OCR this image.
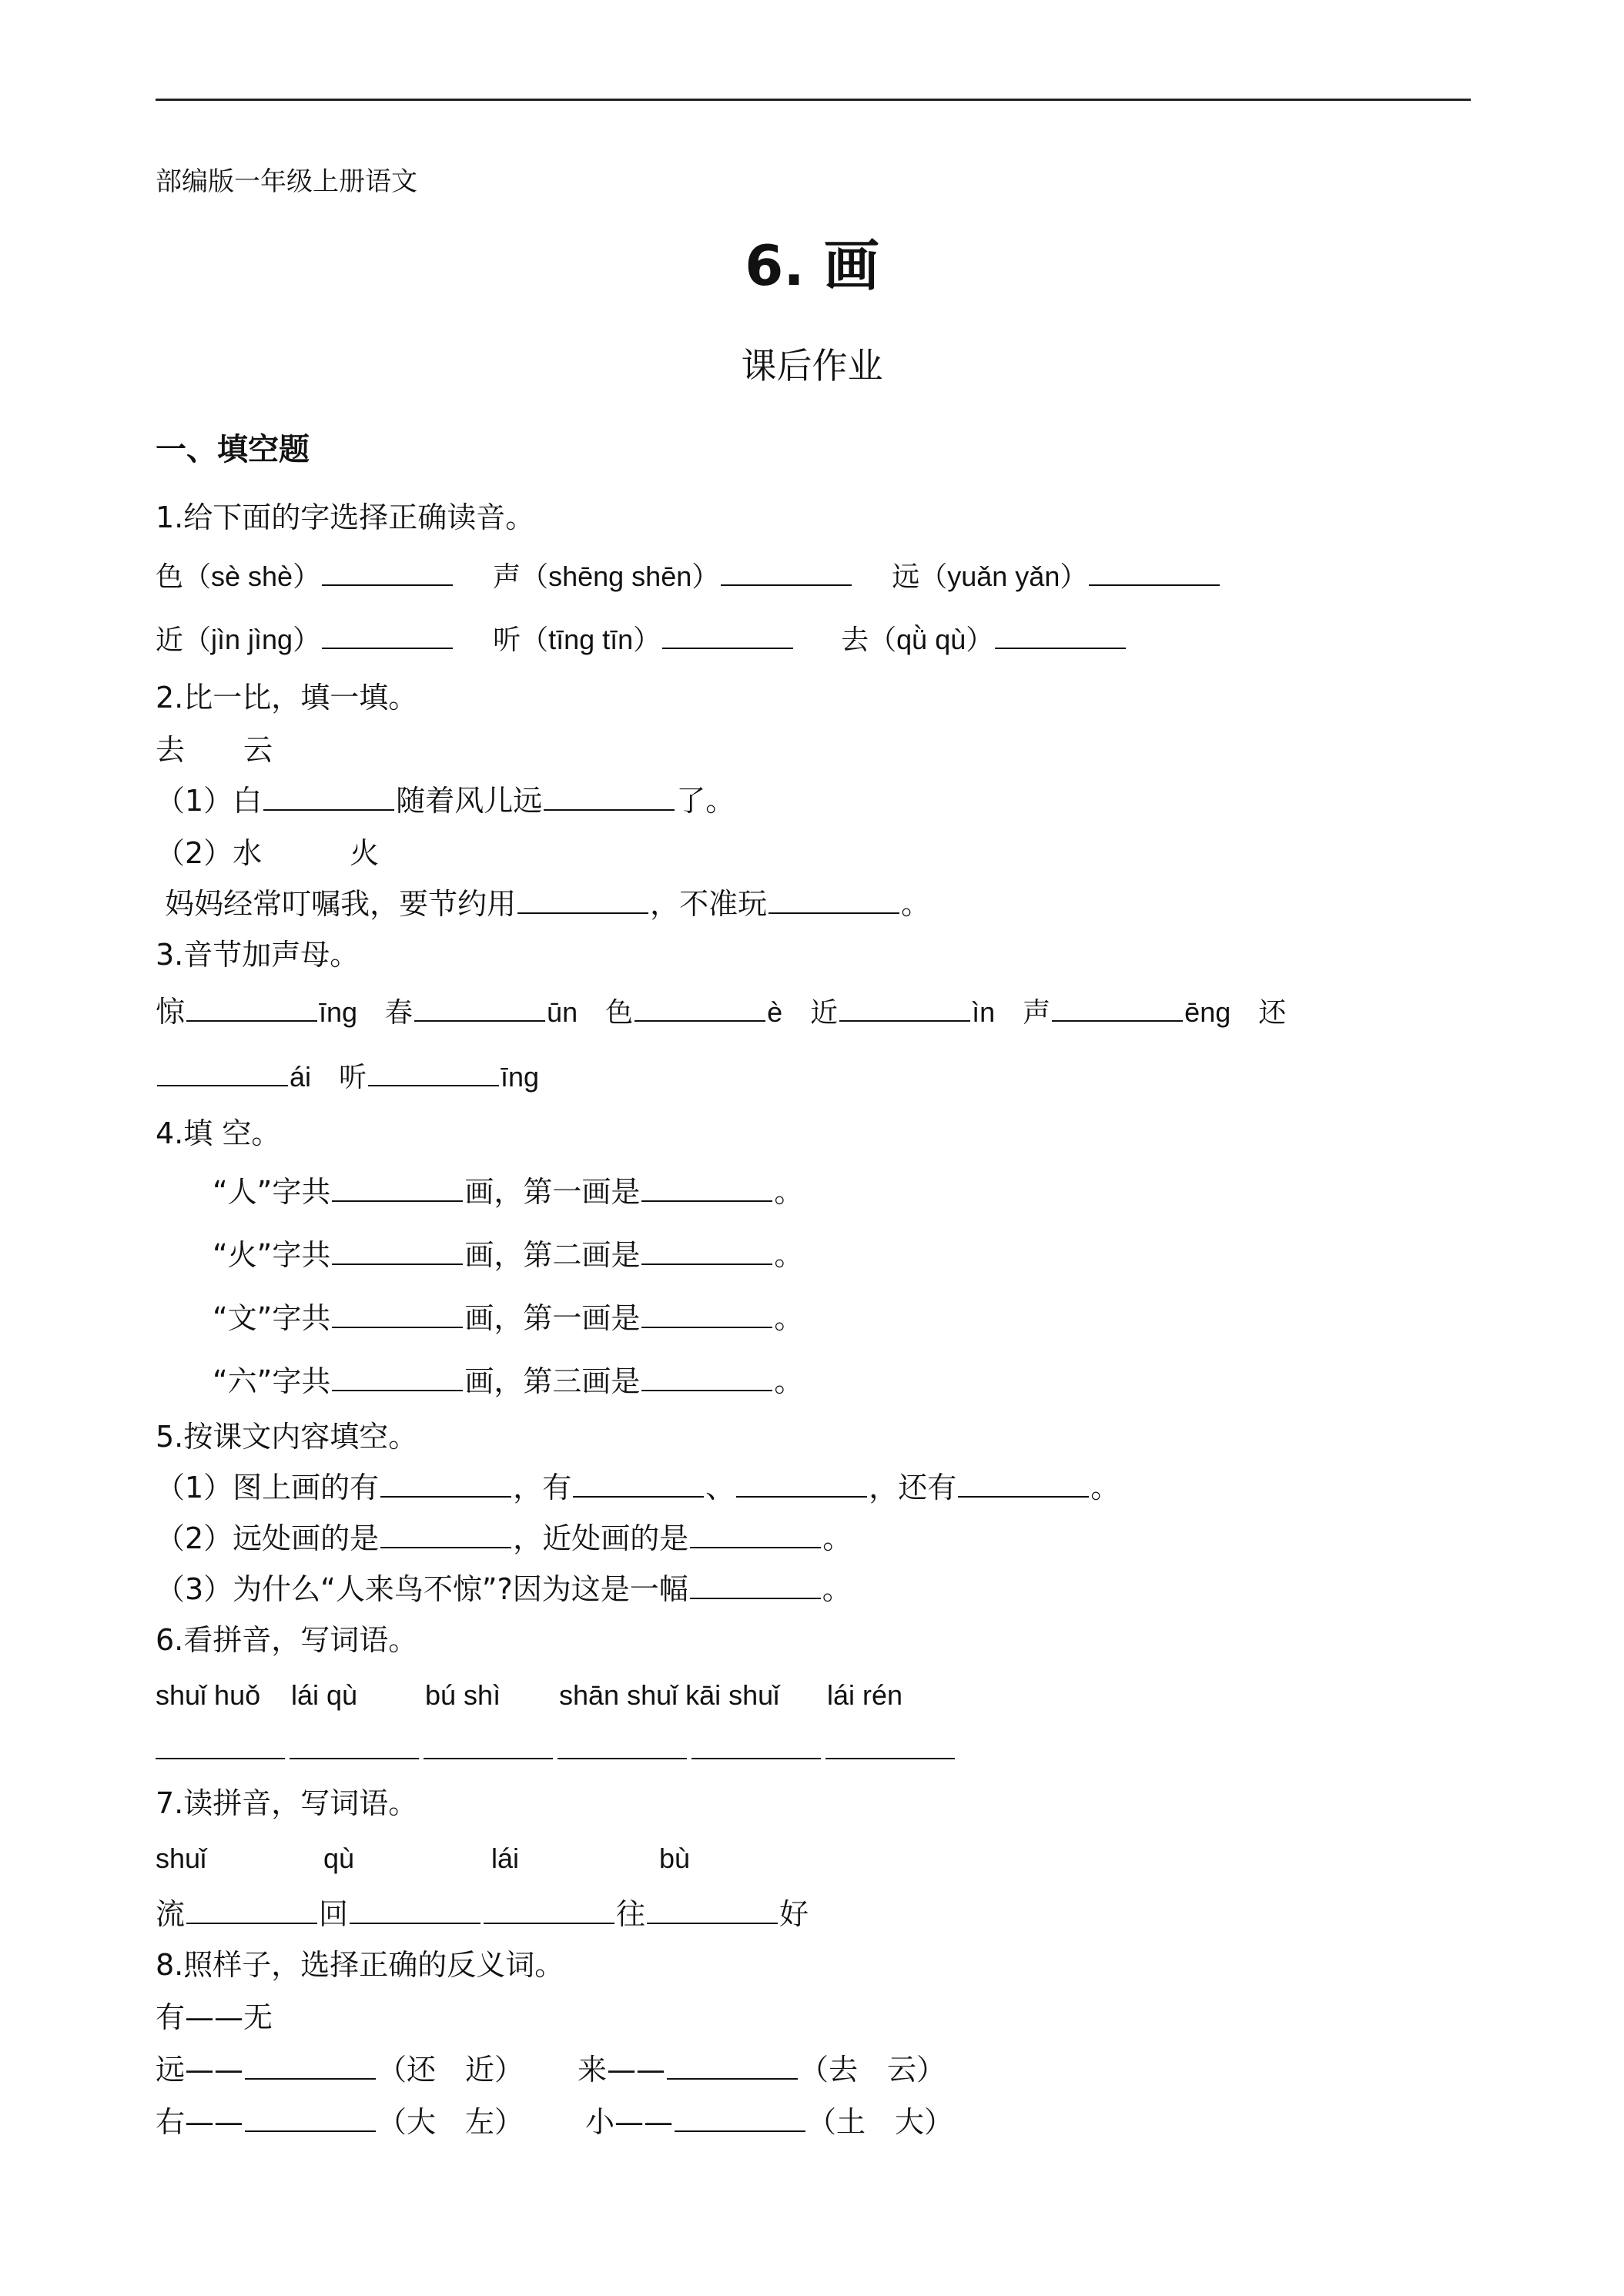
部编版一年级上册语文
6. 画
课后作业
一、填空题
1.给下面的字选择正确读音。
色（sè shè）	声（shēng shēn）	远（yuǎn yǎn）
近（jìn jìng）	听（tīng tīn）	去（qǜ qù）
2.比一比，填一填。
去　　云
（1）白	随着风儿远	了。
（2）水　　　火
妈妈经常叮嘱我，要节约用	，不准玩	。
3.音节加声母。
惊	īng　春	ūn　色	è　近	ìn　声	ēng　还
ái　听	īng
4.填 空。
“人”字共	画，第一画是	。
“火”字共	画，第二画是	。
“文”字共	画，第一画是	。
“六”字共	画，第三画是	。
5.按课文内容填空。
（1）图上画的有	，有	、	，还有	。
（2）远处画的是	，近处画的是	。
（3）为什么“人来鸟不惊”?因为这是一幅	。
6.看拼音，写词语。
shuǐ huǒ lái qù bú shì shān shuǐ kāi shuǐ lái rén
7.读拼音，写词语。
shuǐ	qù	lái	bù
流	回	往	好
8.照样子，选择正确的反义词。
有——无
远——	（还　近） 来——	（去　云）
右——	（大　左） 小——	（土　大）
